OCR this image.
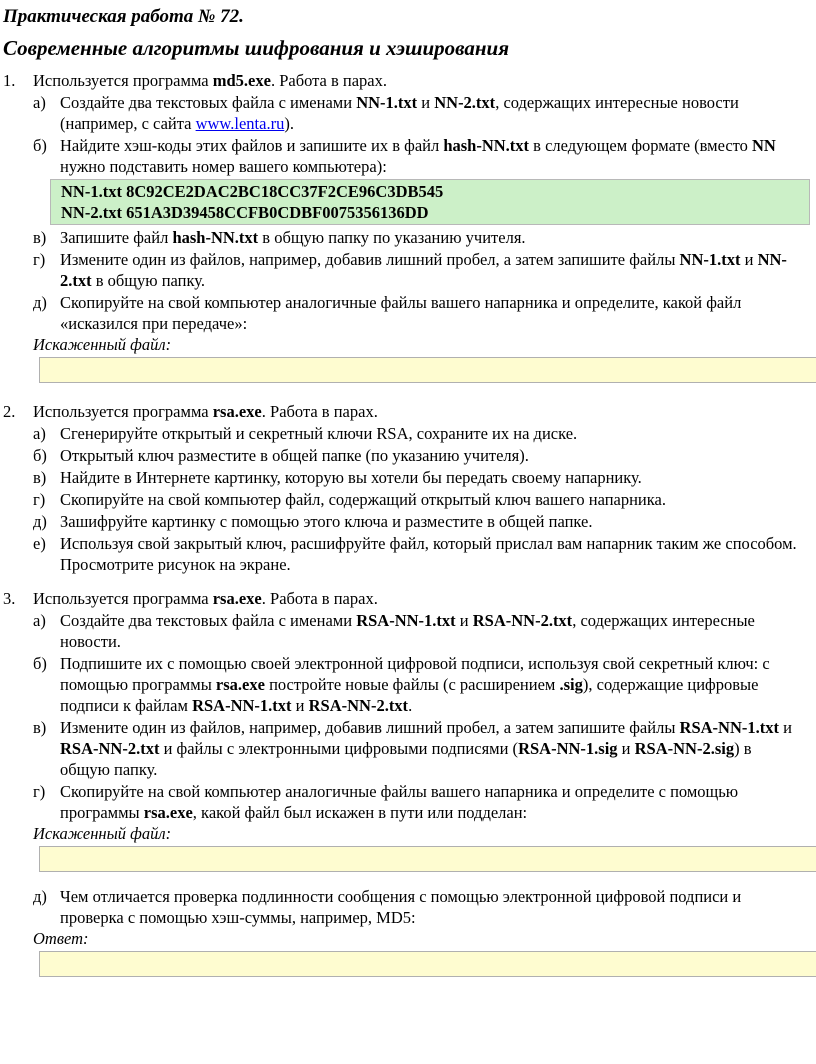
Практическая работа № 72.
Современные алгоритмы шифрования и хэширования
1. Используется программа md5.exe. Работа в парах.
а) Создайте два текстовых файла с именами NN-1.txt и NN-2.txt, содержащих интересные новости (например, с сайта www.lenta.ru).
б) Найдите хэш-коды этих файлов и запишите их в файл hash-NN.txt в следующем формате (вместо NN нужно подставить номер вашего компьютера):
NN-1.txt 8C92CE2DAC2BC18CC37F2CE96C3DB545
NN-2.txt 651A3D39458CCFB0CDBF0075356136DD
в) Запишите файл hash-NN.txt в общую папку по указанию учителя.
г) Измените один из файлов, например, добавив лишний пробел, а затем запишите файлы NN-1.txt и NN-2.txt в общую папку.
д) Скопируйте на свой компьютер аналогичные файлы вашего напарника и определите, какой файл «исказился при передаче»:
Искаженный файл:
2. Используется программа rsa.exe. Работа в парах.
а) Сгенерируйте открытый и секретный ключи RSA, сохраните их на диске.
б) Открытый ключ разместите в общей папке (по указанию учителя).
в) Найдите в Интернете картинку, которую вы хотели бы передать своему напарнику.
г) Скопируйте на свой компьютер файл, содержащий открытый ключ вашего напарника.
д) Зашифруйте картинку с помощью этого ключа и разместите в общей папке.
е) Используя свой закрытый ключ, расшифруйте файл, который прислал вам напарник таким же способом. Просмотрите рисунок на экране.
3. Используется программа rsa.exe. Работа в парах.
а) Создайте два текстовых файла с именами RSA-NN-1.txt и RSA-NN-2.txt, содержащих интересные новости.
б) Подпишите их с помощью своей электронной цифровой подписи, используя свой секретный ключ: с помощью программы rsa.exe постройте новые файлы (с расширением .sig), содержащие цифровые подписи к файлам RSA-NN-1.txt и RSA-NN-2.txt.
в) Измените один из файлов, например, добавив лишний пробел, а затем запишите файлы RSA-NN-1.txt и RSA-NN-2.txt и файлы с электронными цифровыми подписями (RSA-NN-1.sig и RSA-NN-2.sig) в общую папку.
г) Скопируйте на свой компьютер аналогичные файлы вашего напарника и определите с помощью программы rsa.exe, какой файл был искажен в пути или подделан:
Искаженный файл:
д) Чем отличается проверка подлинности сообщения с помощью электронной цифровой подписи и проверка с помощью хэш-суммы, например, MD5:
Ответ:
